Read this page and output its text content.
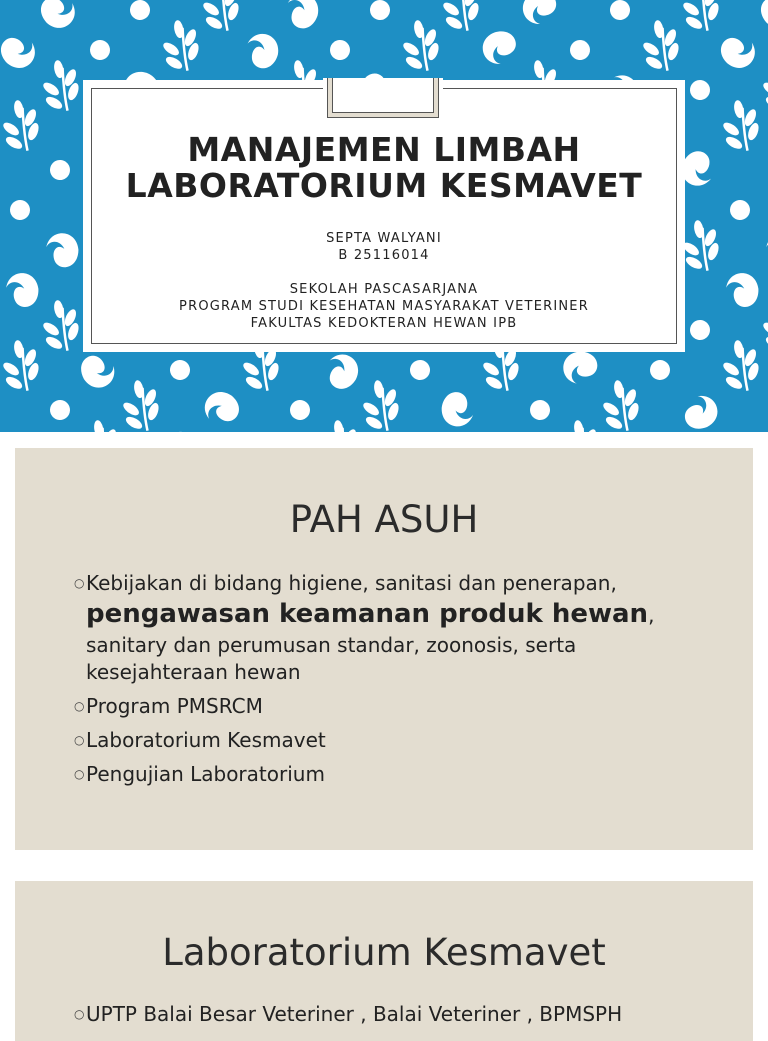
MANAJEMEN LIMBAH
LABORATORIUM KESMAVET
SEPTA WALYANI
B 25116014
SEKOLAH PASCASARJANA
PROGRAM STUDI KESEHATAN MASYARAKAT VETERINER
FAKULTAS KEDOKTERAN HEWAN IPB
PAH ASUH
○ Kebijakan di bidang higiene, sanitasi dan penerapan, pengawasan keamanan produk hewan, sanitary dan perumusan standar, zoonosis, serta kesejahteraan hewan
○ Program PMSRCM
○ Laboratorium Kesmavet
○ Pengujian Laboratorium
Laboratorium Kesmavet
○ UPTP Balai Besar Veteriner , Balai Veteriner , BPMSPH
